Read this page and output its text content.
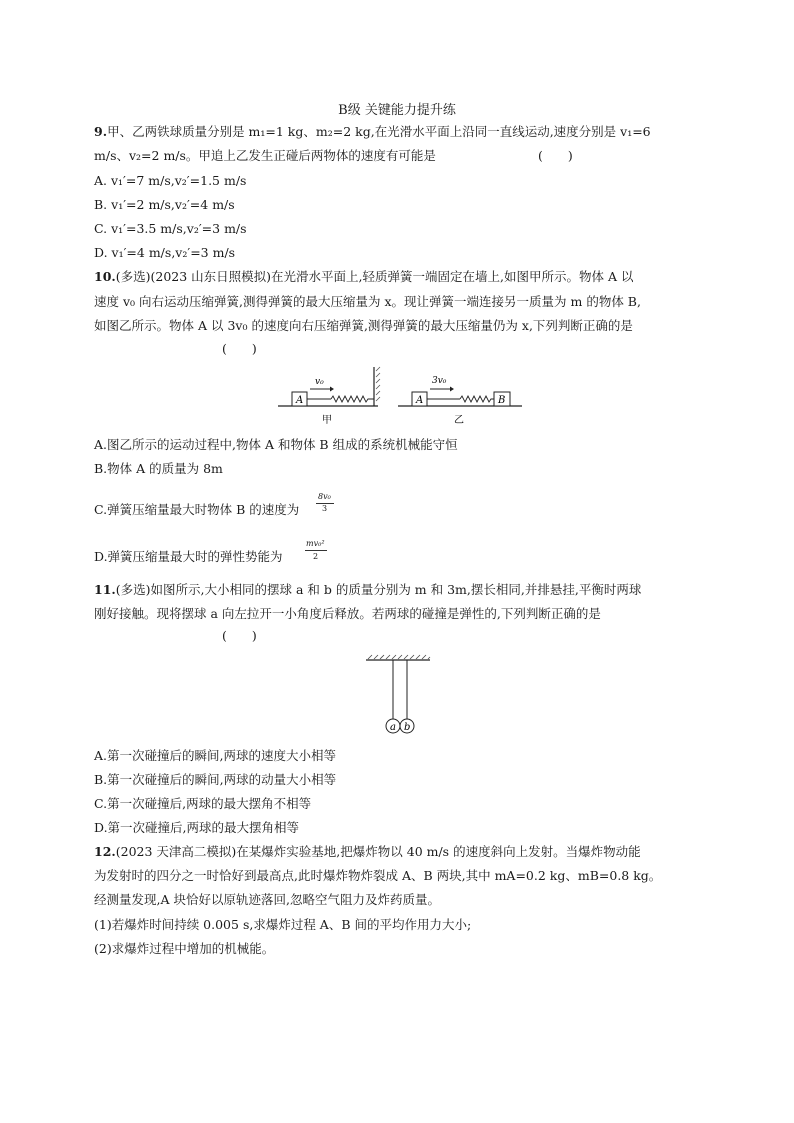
B级 关键能力提升练
9.甲、乙两铁球质量分别是 m₁=1 kg、m₂=2 kg,在光滑水平面上沿同一直线运动,速度分别是 v₁=6
m/s、v₂=2 m/s。甲追上乙发生正碰后两物体的速度有可能是	(　　)
A. v₁′=7 m/s,v₂′=1.5 m/s
B. v₁′=2 m/s,v₂′=4 m/s
C. v₁′=3.5 m/s,v₂′=3 m/s
D. v₁′=4 m/s,v₂′=3 m/s
10.(多选)(2023 山东日照模拟)在光滑水平面上,轻质弹簧一端固定在墙上,如图甲所示。物体 A 以
速度 v₀ 向右运动压缩弹簧,测得弹簧的最大压缩量为 x。现让弹簧一端连接另一质量为 m 的物体 B,
如图乙所示。物体 A 以 3v₀ 的速度向右压缩弹簧,测得弹簧的最大压缩量仍为 x,下列判断正确的是
(　　)
A
v₀
甲
A	B
3v₀
乙
A.图乙所示的运动过程中,物体 A 和物体 B 组成的系统机械能守恒
B.物体 A 的质量为 8m
C.弹簧压缩量最大时物体 B 的速度为
8v₀
3
D.弹簧压缩量最大时的弹性势能为
mv₀²
2
11.(多选)如图所示,大小相同的摆球 a 和 b 的质量分别为 m 和 3m,摆长相同,并排悬挂,平衡时两球
刚好接触。现将摆球 a 向左拉开一小角度后释放。若两球的碰撞是弹性的,下列判断正确的是
(　　)
a b
A.第一次碰撞后的瞬间,两球的速度大小相等
B.第一次碰撞后的瞬间,两球的动量大小相等
C.第一次碰撞后,两球的最大摆角不相等
D.第一次碰撞后,两球的最大摆角相等
12.(2023 天津高二模拟)在某爆炸实验基地,把爆炸物以 40 m/s 的速度斜向上发射。当爆炸物动能
为发射时的四分之一时恰好到最高点,此时爆炸物炸裂成 A、B 两块,其中 mA=0.2 kg、mB=0.8 kg。
经测量发现,A 块恰好以原轨迹落回,忽略空气阻力及炸药质量。
(1)若爆炸时间持续 0.005 s,求爆炸过程 A、B 间的平均作用力大小;
(2)求爆炸过程中增加的机械能。
